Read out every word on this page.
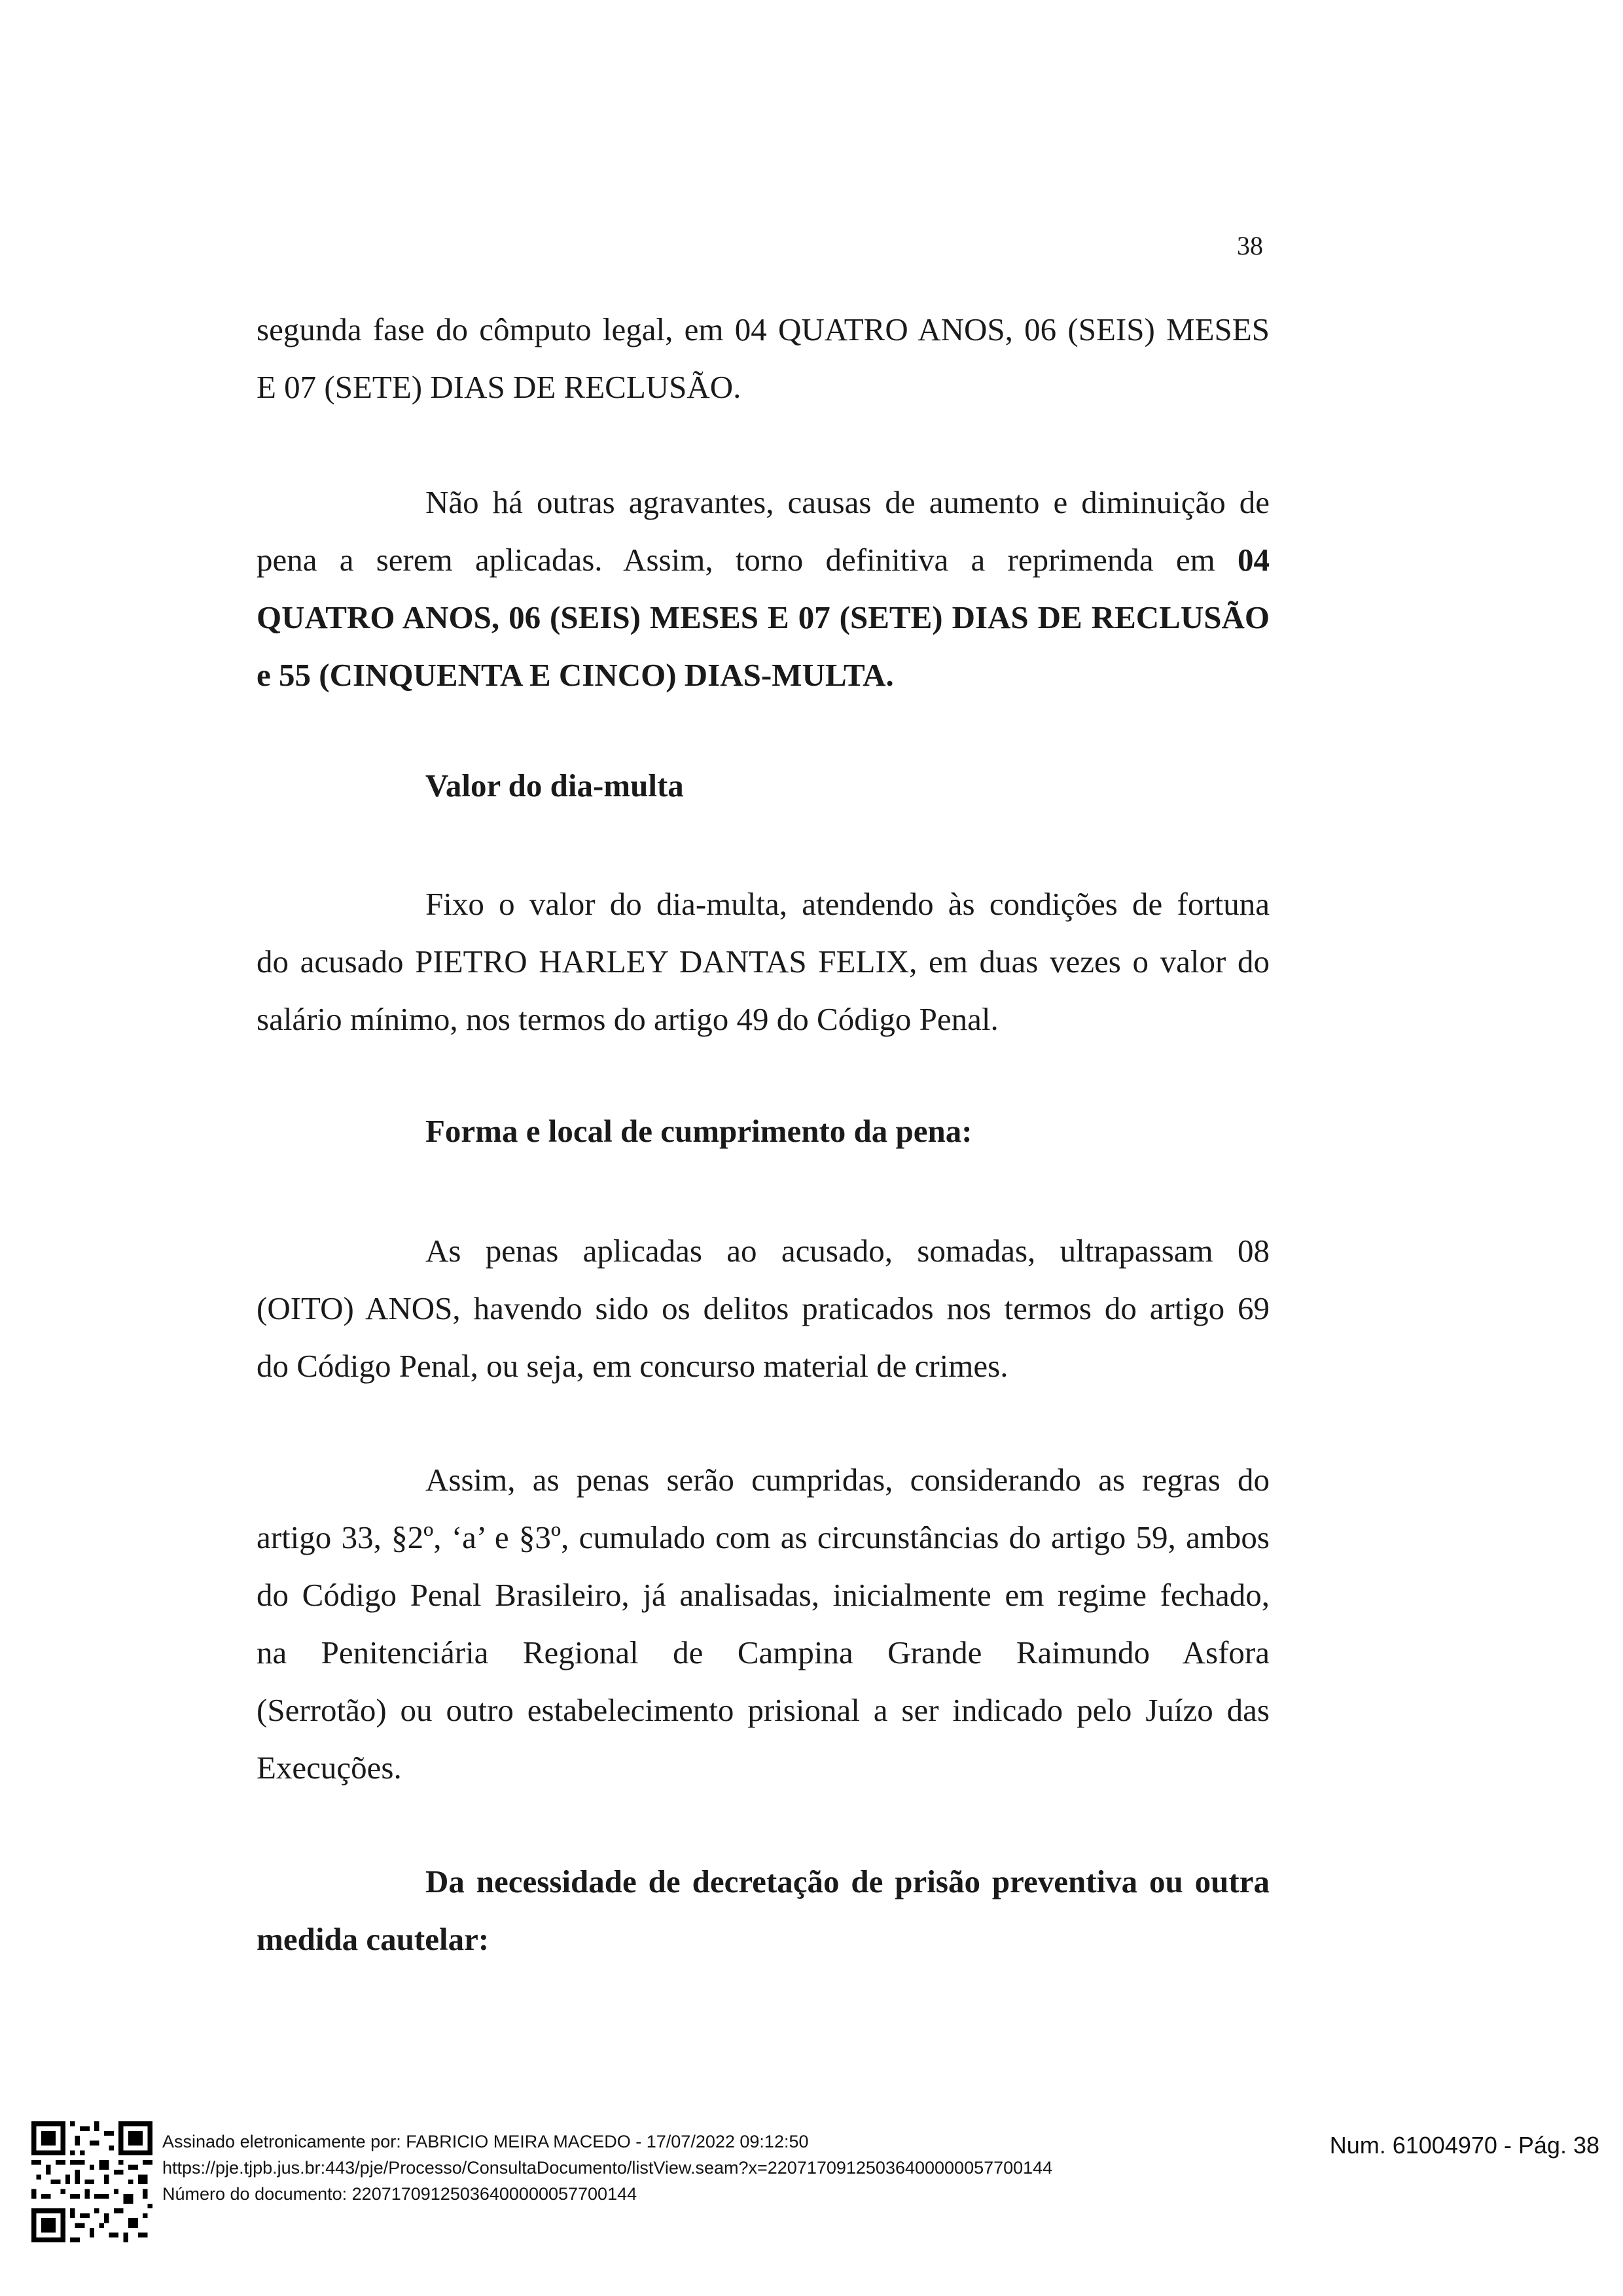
38
segunda fase do cômputo legal, em 04 QUATRO ANOS, 06 (SEIS) MESES
E 07 (SETE) DIAS DE RECLUSÃO.
Não há outras agravantes, causas de aumento e diminuição de
pena a serem aplicadas. Assim, torno definitiva a reprimenda em 04
QUATRO ANOS, 06 (SEIS) MESES E 07 (SETE) DIAS DE RECLUSÃO
e 55 (CINQUENTA E CINCO) DIAS-MULTA.
Valor do dia-multa
Fixo o valor do dia-multa, atendendo às condições de fortuna
do acusado PIETRO HARLEY DANTAS FELIX, em duas vezes o valor do
salário mínimo, nos termos do artigo 49 do Código Penal.
Forma e local de cumprimento da pena:
As penas aplicadas ao acusado, somadas, ultrapassam 08
(OITO) ANOS, havendo sido os delitos praticados nos termos do artigo 69
do Código Penal, ou seja, em concurso material de crimes.
Assim, as penas serão cumpridas, considerando as regras do
artigo 33, §2º, ‘a’ e §3º, cumulado com as circunstâncias do artigo 59, ambos
do Código Penal Brasileiro, já analisadas, inicialmente em regime fechado,
na Penitenciária Regional de Campina Grande Raimundo Asfora
(Serrotão) ou outro estabelecimento prisional a ser indicado pelo Juízo das
Execuções.
Da necessidade de decretação de prisão preventiva ou outra
medida cautelar:
Assinado eletronicamente por: FABRICIO MEIRA MACEDO - 17/07/2022 09:12:50
https://pje.tjpb.jus.br:443/pje/Processo/ConsultaDocumento/listView.seam?x=22071709125036400000057700144
Número do documento: 22071709125036400000057700144
Num. 61004970 - Pág. 38
